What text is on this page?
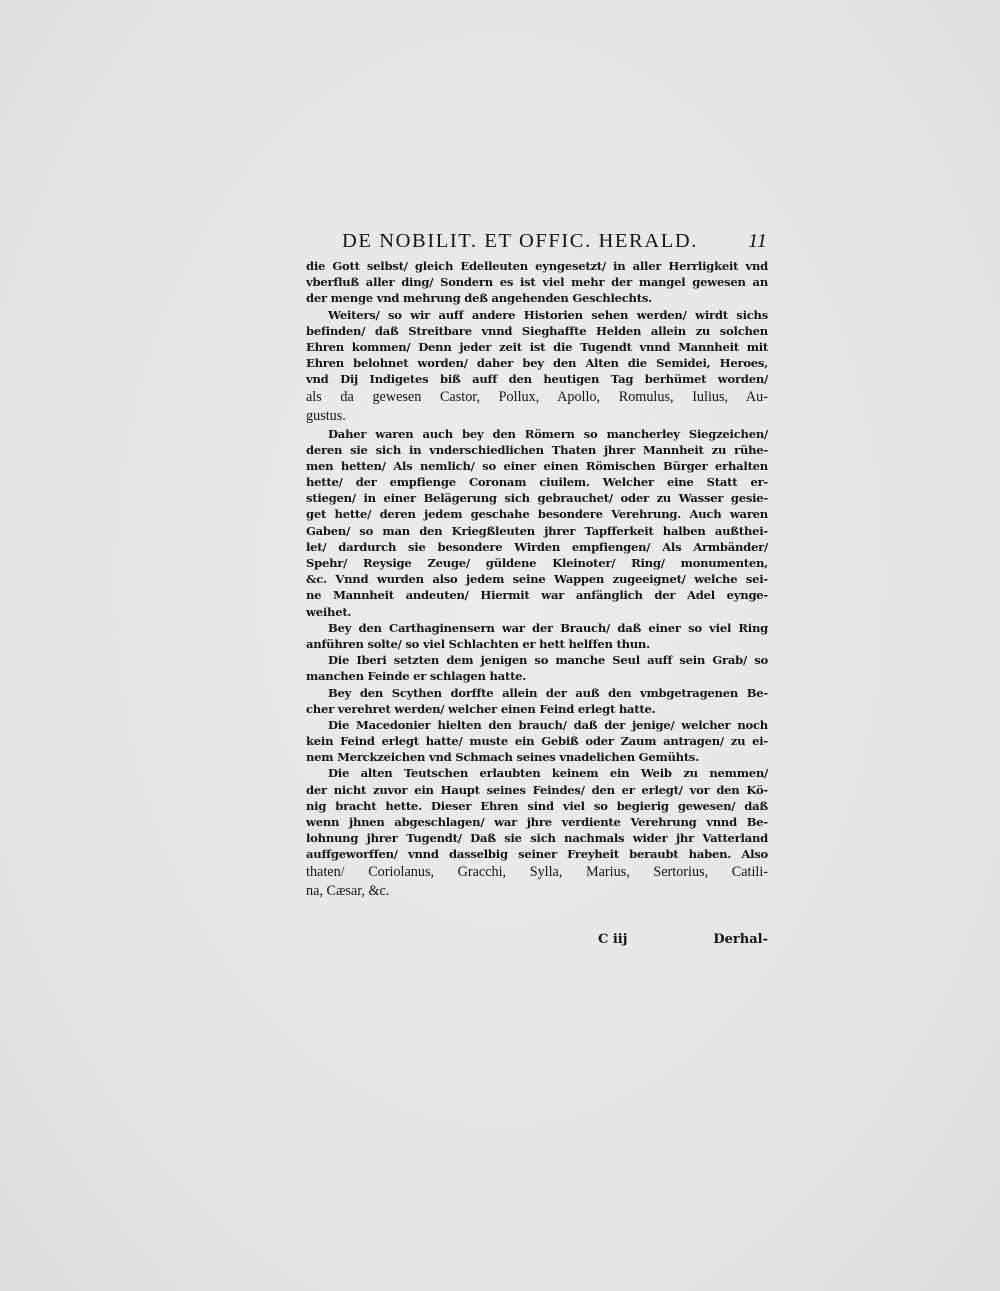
DE NOBILIT. ET OFFIC. HERALD. 11
die Gott selbst/ gleich Edelleuten eyngesetzt/ in aller Herrligkeit vnd
vberfluß aller ding/ Sondern es ist viel mehr der mangel gewesen an
der menge vnd mehrung deß angehenden Geschlechts.
Weiters/ so wir auff andere Historien sehen werden/ wirdt sichs
befinden/ daß Streitbare vnnd Sieghaffte Helden allein zu solchen
Ehren kommen/ Denn jeder zeit ist die Tugendt vnnd Mannheit mit
Ehren belohnet worden/ daher bey den Alten die Semidei, Heroes,
vnd Dij Indigetes biß auff den heutigen Tag berhümet worden/
als da gewesen Castor, Pollux, Apollo, Romulus, Iulius, Au-
gustus.
Daher waren auch bey den Römern so mancherley Siegzeichen/
deren sie sich in vnderschiedlichen Thaten jhrer Mannheit zu rühe-
men hetten/ Als nemlich/ so einer einen Römischen Bürger erhalten
hette/ der empfienge Coronam ciuilem. Welcher eine Statt er-
stiegen/ in einer Belägerung sich gebrauchet/ oder zu Wasser gesie-
get hette/ deren jedem geschahe besondere Verehrung. Auch waren
Gaben/ so man den Kriegßleuten jhrer Tapfferkeit halben außthei-
let/ dardurch sie besondere Wirden empfiengen/ Als Armbänder/
Spehr/ Reysige Zeuge/ güldene Kleinoter/ Ring/ monumenten,
&c. Vnnd wurden also jedem seine Wappen zugeeignet/ welche sei-
ne Mannheit andeuten/ Hiermit war anfänglich der Adel eynge-
weihet.
Bey den Carthaginensern war der Brauch/ daß einer so viel Ring
anführen solte/ so viel Schlachten er hett helffen thun.
Die Iberi setzten dem jenigen so manche Seul auff sein Grab/ so
manchen Feinde er schlagen hatte.
Bey den Scythen dorffte allein der auß den vmbgetragenen Be-
cher verehret werden/ welcher einen Feind erlegt hatte.
Die Macedonier hielten den brauch/ daß der jenige/ welcher noch
kein Feind erlegt hatte/ muste ein Gebiß oder Zaum antragen/ zu ei-
nem Merckzeichen vnd Schmach seines vnadelichen Gemühts.
Die alten Teutschen erlaubten keinem ein Weib zu nemmen/
der nicht zuvor ein Haupt seines Feindes/ den er erlegt/ vor den Kö-
nig bracht hette. Dieser Ehren sind viel so begierig gewesen/ daß
wenn jhnen abgeschlagen/ war jhre verdiente Verehrung vnnd Be-
lohnung jhrer Tugendt/ Daß sie sich nachmals wider jhr Vatterland
auffgeworffen/ vnnd dasselbig seiner Freyheit beraubt haben. Also
thaten/ Coriolanus, Gracchi, Sylla, Marius, Sertorius, Catili-
na, Cæsar, &c.
C iij	Derhal-
